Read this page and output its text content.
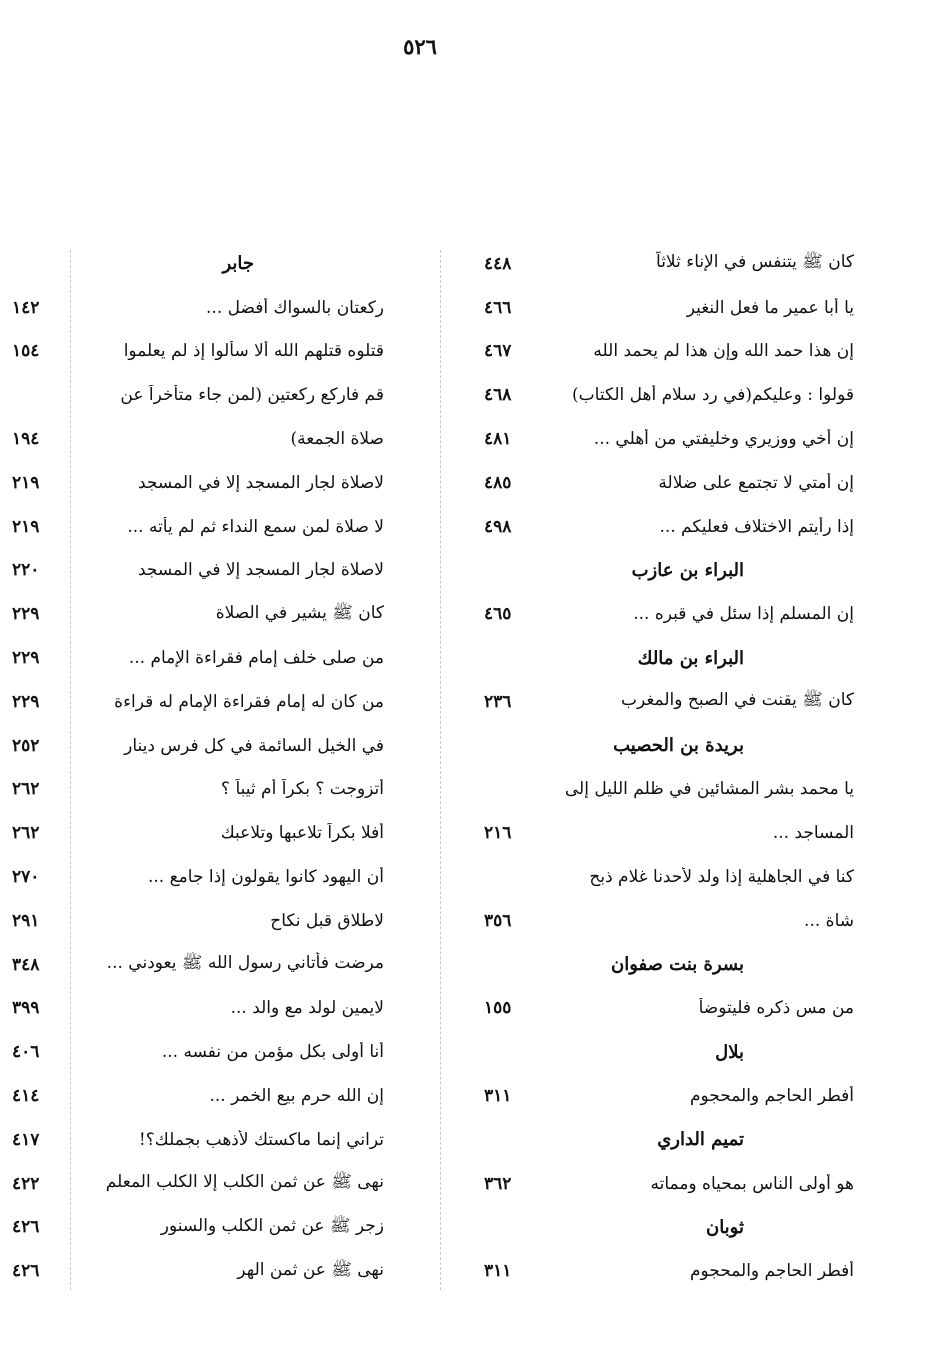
٥٢٦
كان ﷺ يتنفس في الإناء ثلاثاً
٤٤٨
يا أبا عمير ما فعل النغير
٤٦٦
إن هذا حمد الله وإن هذا لم يحمد الله
٤٦٧
قولوا : وعليكم(في رد سلام أهل الكتاب)
٤٦٨
إن أخي ووزيري وخليفتي من أهلي ...
٤٨١
إن أمتي لا تجتمع على ضلالة
٤٨٥
إذا رأيتم الاختلاف فعليكم ...
٤٩٨
البراء بن عازب
إن المسلم إذا سئل في قبره ...
٤٦٥
البراء بن مالك
كان ﷺ يقنت في الصبح والمغرب
٢٣٦
بريدة بن الحصيب
يا محمد بشر المشائين في ظلم الليل إلى
المساجد ...
٢١٦
كنا في الجاهلية إذا ولد لأحدنا غلام ذبح
شاة ...
٣٥٦
بسرة بنت صفوان
من مس ذكره فليتوضأ
١٥٥
بلال
أفطر الحاجم والمحجوم
٣١١
تميم الداري
هو أولى الناس بمحياه ومماته
٣٦٢
ثوبان
أفطر الحاجم والمحجوم
٣١١
جابر
ركعتان بالسواك أفضل ...
١٤٢
قتلوه قتلهم الله ألا سألوا إذ لم يعلموا
١٥٤
قم فاركع ركعتين (لمن جاء متأخراً عن
صلاة الجمعة)
١٩٤
لاصلاة لجار المسجد إلا في المسجد
٢١٩
لا صلاة لمن سمع النداء ثم لم يأته ...
٢١٩
لاصلاة لجار المسجد إلا في المسجد
٢٢٠
كان ﷺ يشير في الصلاة
٢٢٩
من صلى خلف إمام فقراءة الإمام ...
٢٢٩
من كان له إمام فقراءة الإمام له قراءة
٢٢٩
في الخيل السائمة في كل فرس دينار
٢٥٢
أتزوجت ؟ بكراً أم ثيباً ؟
٢٦٢
أفلا بكراً تلاعبها وتلاعبك
٢٦٢
أن اليهود كانوا يقولون إذا جامع ...
٢٧٠
لاطلاق قبل نكاح
٢٩١
مرضت فأتاني رسول الله ﷺ يعودني ...
٣٤٨
لايمين لولد مع والد ...
٣٩٩
أنا أولى بكل مؤمن من نفسه ...
٤٠٦
إن الله حرم بيع الخمر ...
٤١٤
تراني إنما ماكستك لأذهب بجملك؟!
٤١٧
نهى ﷺ عن ثمن الكلب إلا الكلب المعلم
٤٢٢
زجر ﷺ عن ثمن الكلب والسنور
٤٢٦
نهى ﷺ عن ثمن الهر
٤٢٦
